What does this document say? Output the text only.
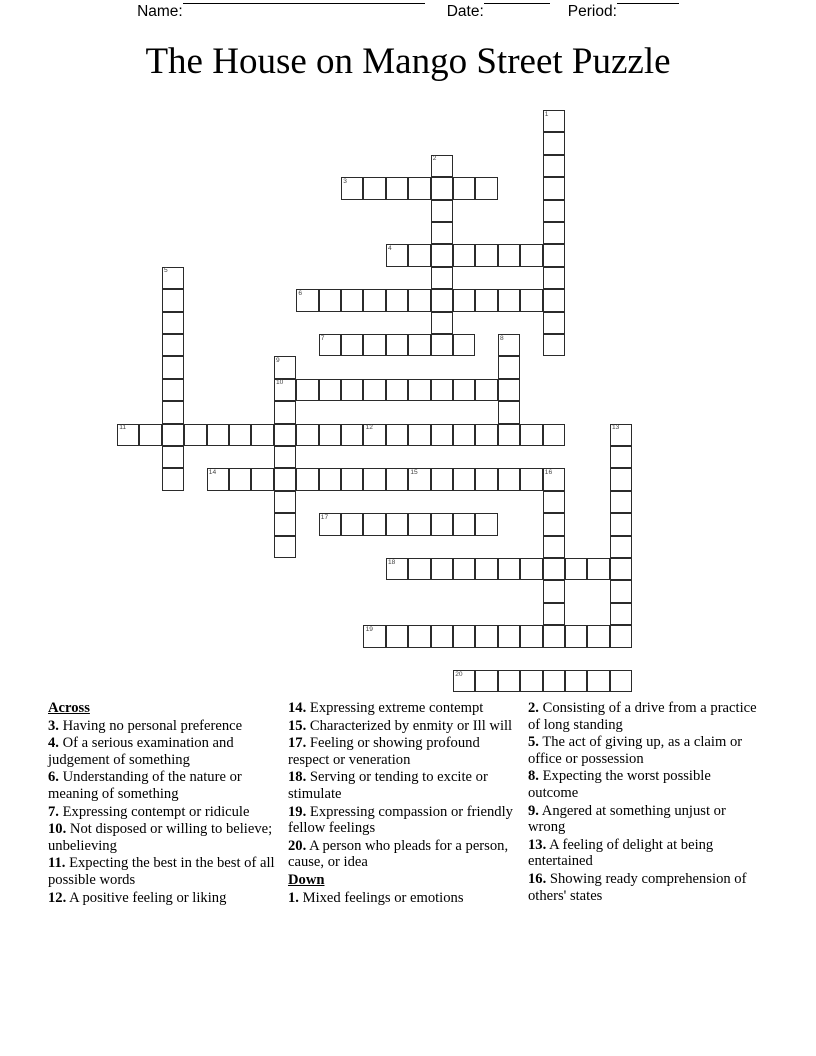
Name:	Date:	Period:
The House on Mango Street Puzzle
1
2
3
4
5
6
7	8
9
10
11	12	13
14	15	16
17
18
19
20
Across
3. Having no personal preference
4. Of a serious examination and judgement of something
6. Understanding of the nature or meaning of something
7. Expressing contempt or ridicule
10. Not disposed or willing to believe; unbelieving
11. Expecting the best in the best of all possible words
12. A positive feeling or liking
14. Expressing extreme contempt
15. Characterized by enmity or Ill will
17. Feeling or showing profound respect or veneration
18. Serving or tending to excite or stimulate
19. Expressing compassion or friendly fellow feelings
20. A person who pleads for a person, cause, or idea
Down
1. Mixed feelings or emotions
2. Consisting of a drive from a practice of long standing
5. The act of giving up, as a claim or office or possession
8. Expecting the worst possible outcome
9. Angered at something unjust or wrong
13. A feeling of delight at being entertained
16. Showing ready comprehension of others' states
